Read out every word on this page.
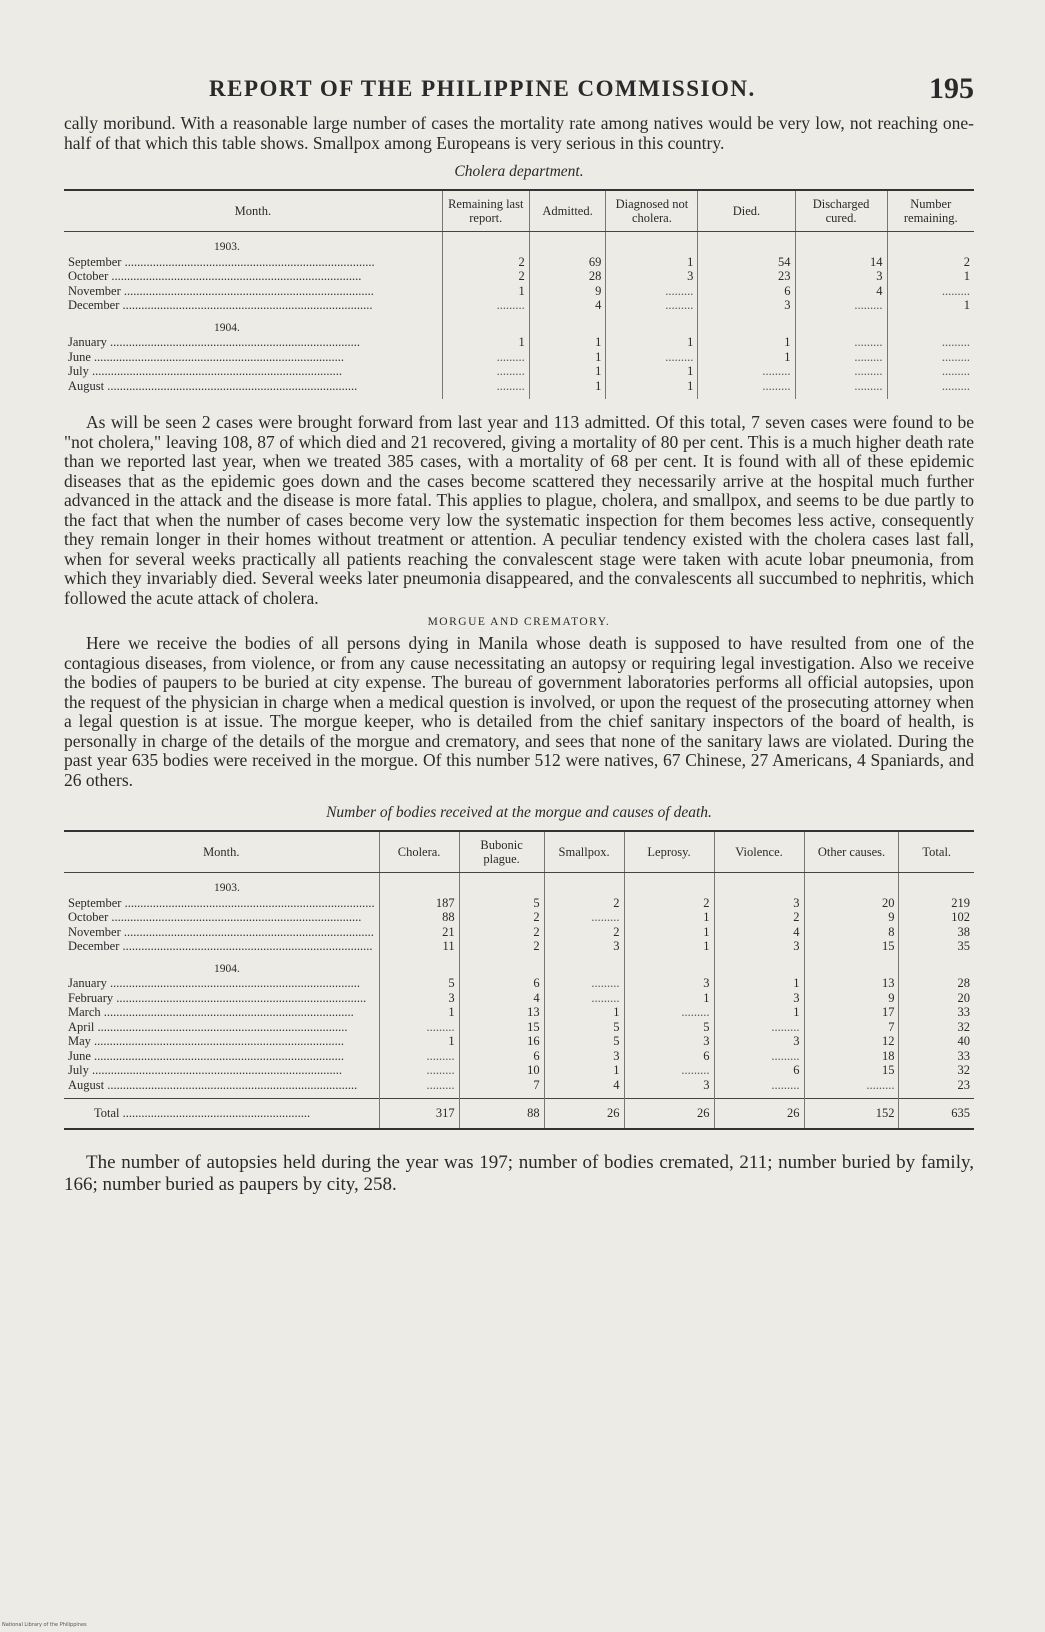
REPORT OF THE PHILIPPINE COMMISSION.	195

cally moribund. With a reasonable large number of cases the mortality rate among natives would be very low, not reaching one-half of that which this table shows. Smallpox among Europeans is very serious in this country.

Cholera department.
Month.	Remaining last report.	Admitted.	Diagnosed not cholera.	Died.	Discharged cured.	Number remaining.
1903.						
September ................................................................................	2	69	1	54	14	2
October ................................................................................	2	28	3	23	3	1
November ................................................................................	1	9	.........	6	4	.........
December ................................................................................	.........	4	.........	3	.........	1
1904.						
January ................................................................................	1	1	1	1	.........	.........
June ................................................................................	.........	1	.........	1	.........	.........
July ................................................................................	.........	1	1	.........	.........	.........
August ................................................................................	.........	1	1	.........	.........	.........

As will be seen 2 cases were brought forward from last year and 113 admitted. Of this total, 7 seven cases were found to be "not cholera," leaving 108, 87 of which died and 21 recovered, giving a mortality of 80 per cent. This is a much higher death rate than we reported last year, when we treated 385 cases, with a mortality of 68 per cent. It is found with all of these epidemic diseases that as the epidemic goes down and the cases become scattered they necessarily arrive at the hospital much further advanced in the attack and the disease is more fatal. This applies to plague, cholera, and smallpox, and seems to be due partly to the fact that when the number of cases become very low the systematic inspection for them becomes less active, consequently they remain longer in their homes without treatment or attention. A peculiar tendency existed with the cholera cases last fall, when for several weeks practically all patients reaching the convalescent stage were taken with acute lobar pneumonia, from which they invariably died. Several weeks later pneumonia disappeared, and the convalescents all succumbed to nephritis, which followed the acute attack of cholera.

MORGUE AND CREMATORY.

Here we receive the bodies of all persons dying in Manila whose death is supposed to have resulted from one of the contagious diseases, from violence, or from any cause necessitating an autopsy or requiring legal investigation. Also we receive the bodies of paupers to be buried at city expense. The bureau of government laboratories performs all official autopsies, upon the request of the physician in charge when a medical question is involved, or upon the request of the prosecuting attorney when a legal question is at issue. The morgue keeper, who is detailed from the chief sanitary inspectors of the board of health, is personally in charge of the details of the morgue and crematory, and sees that none of the sanitary laws are violated. During the past year 635 bodies were received in the morgue. Of this number 512 were natives, 67 Chinese, 27 Americans, 4 Spaniards, and 26 others.

Number of bodies received at the morgue and causes of death.
Month.	Cholera.	Bubonic plague.	Smallpox.	Leprosy.	Violence.	Other causes.	Total.
1903.							
September ................................................................................	187	5	2	2	3	20	219
October ................................................................................	88	2	.........	1	2	9	102
November ................................................................................	21	2	2	1	4	8	38
December ................................................................................	11	2	3	1	3	15	35
1904.							
January ................................................................................	5	6	.........	3	1	13	28
February ................................................................................	3	4	.........	1	3	9	20
March ................................................................................	1	13	1	.........	1	17	33
April ................................................................................	.........	15	5	5	.........	7	32
May ................................................................................	1	16	5	3	3	12	40
June ................................................................................	.........	6	3	6	.........	18	33
July ................................................................................	.........	10	1	.........	6	15	32
August ................................................................................	.........	7	4	3	.........	.........	23
Total ............................................................	317	88	26	26	26	152	635

The number of autopsies held during the year was 197; number of bodies cremated, 211; number buried by family, 166; number buried as paupers by city, 258.

National Library of the Philippines
